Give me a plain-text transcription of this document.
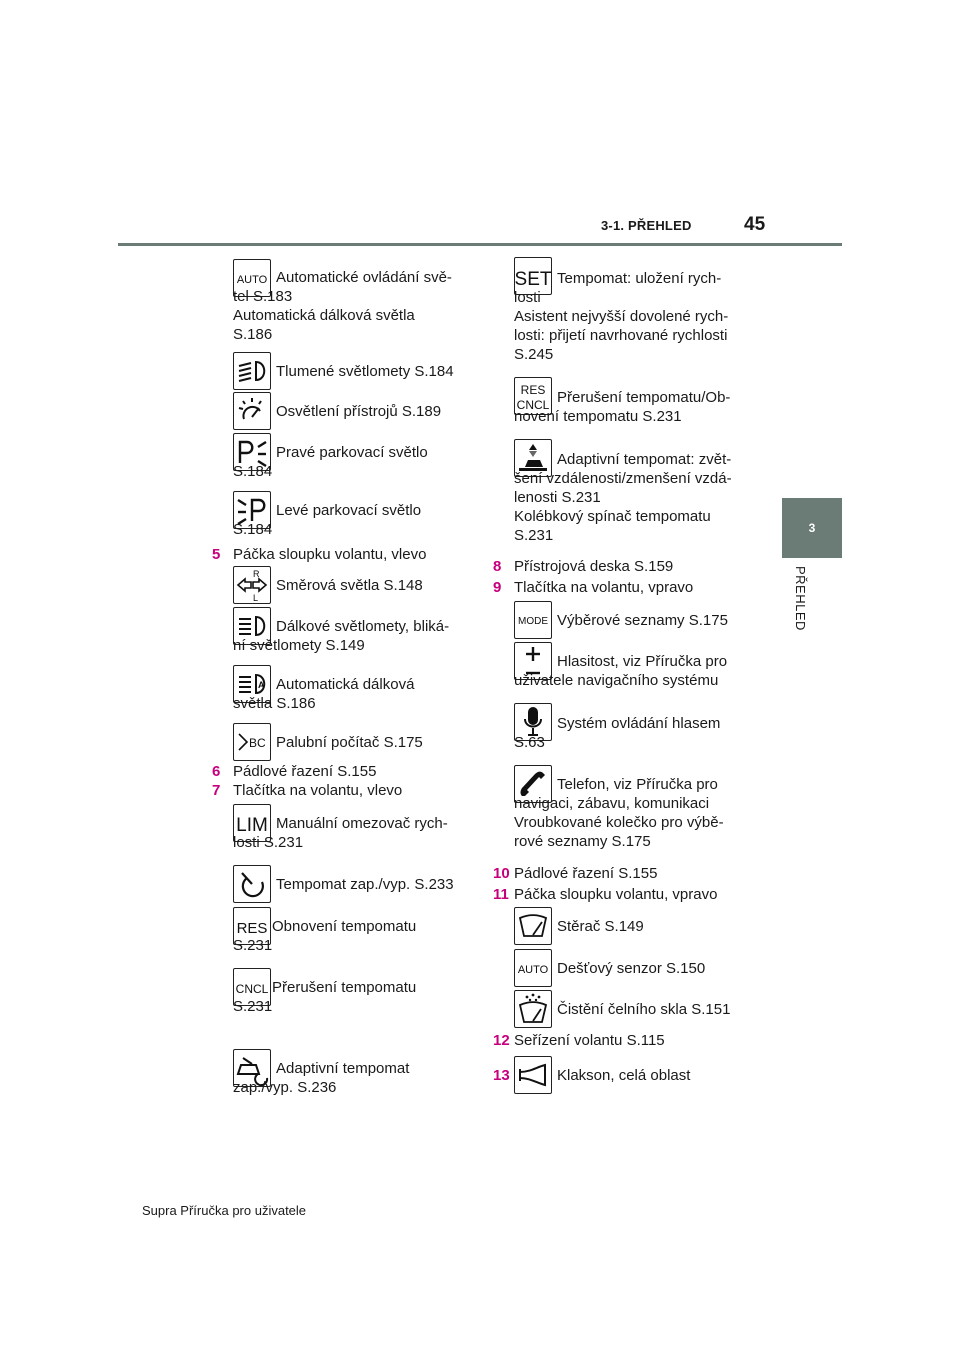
3-1. PŘEHLED	45
3
PŘEHLED
AUTO Automatické ovládání svě-
tel S.183
Automatická dálková světla
S.186
Tlumené světlomety S.184
Osvětlení přístrojů S.189
Pravé parkovací světlo
S.184
Levé parkovací světlo
S.184
5 Páčka sloupku volantu, vlevo
R
L
Směrová světla S.148
Dálkové světlomety, bliká-
ní světlomety S.149
A Automatická dálková
světla S.186
BC Palubní počítač S.175
6 Pádlové řazení S.155
7 Tlačítka na volantu, vlevo
LIM Manuální omezovač rych-
losti S.231
Tempomat zap./vyp. S.233
RES Obnovení tempomatu
S.231
CNCL Přerušení tempomatu
S.231
Adaptivní tempomat
zap./vyp. S.236
SET Tempomat: uložení rych-
losti
Asistent nejvyšší dovolené rych-
losti: přijetí navrhované rychlosti
S.245
RES
CNCL Přerušení tempomatu/Ob-
novení tempomatu S.231
Adaptivní tempomat: zvět-
šení vzdálenosti/zmenšení vzdá-
lenosti S.231
Kolébkový spínač tempomatu
S.231
8 Přístrojová deska S.159
9 Tlačítka na volantu, vpravo
MODE Výběrové seznamy S.175
Hlasitost, viz Příručka pro
uživatele navigačního systému
Systém ovládání hlasem
S.63
Telefon, viz Příručka pro
navigaci, zábavu, komunikaci
Vroubkované kolečko pro výbě-
rové seznamy S.175
10 Pádlové řazení S.155
11 Páčka sloupku volantu, vpravo
Stěrač S.149
AUTO Dešťový senzor S.150
Čistění čelního skla S.151
12 Seřízení volantu S.115
13	Klakson, celá oblast
Supra Příručka pro uživatele
